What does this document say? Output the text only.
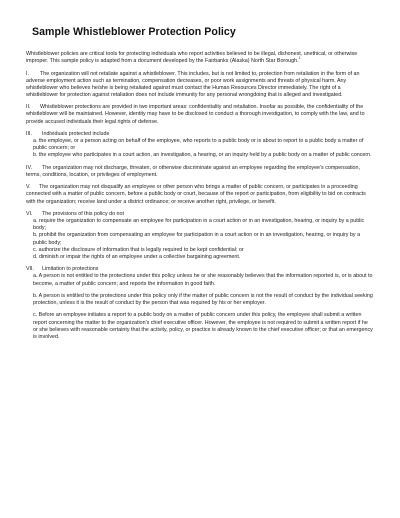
Sample Whistleblower Protection Policy

Whistleblower policies are critical tools for protecting individuals who report activities believed to be illegal, dishonest, unethical, or otherwise improper. This sample policy is adapted from a document developed by the Fairbanks (Alaska) North Star Borough.$^1$

I. The organization will not retaliate against a whistleblower. This includes, but is not limited to, protection from retaliation in the form of an adverse employment action such as termination, compensation decreases, or poor work assignments and threats of physical harm. Any whistleblower who believes he/she is being retaliated against must contact the Human Resources Director immediately. The right of a whistleblower for protection against retaliation does not include immunity for any personal wrongdoing that is alleged and investigated.

II. Whistleblower protections are provided in two important areas: confidentiality and retaliation. Insofar as possible, the confidentiality of the whistleblower will be maintained. However, identity may have to be disclosed to conduct a thorough investigation, to comply with the law, and to provide accused individuals their legal rights of defense.

III. Individuals protected include

a. the employee, or a person acting on behalf of the employee, who reports to a public body or is about to report to a public body a matter of public concern; or

b. the employee who participates in a court action, an investigation, a hearing, or an inquiry held by a public body on a matter of public concern.

IV. The organization may not discharge, threaten, or otherwise discriminate against an employee regarding the employee's compensation, terms, conditions, location, or privileges of employment.

V. The organization may not disqualify an employee or other person who brings a matter of public concern, or participates in a proceeding connected with a matter of public concern, before a public body or court, because of the report or participation, from eligibility to bid on contracts with the organization; receive land under a district ordinance; or receive another right, privilege, or benefit.

VI. The provisions of this policy do not

a. require the organization to compensate an employee for participation in a court action or in an investigation, hearing, or inquiry by a public body;

b. prohibit the organization from compensating an employee for participation in a court action or in an investigation, hearing, or inquiry by a public body;

c. authorize the disclosure of information that is legally required to be kept confidential; or

d. diminish or impair the rights of an employee under a collective bargaining agreement.

VII. Limitation to protections

a. A person is not entitled to the protections under this policy unless he or she reasonably believes that the information reported is, or is about to become, a matter of public concern; and reports the information in good faith.

b. A person is entitled to the protections under this policy only if the matter of public concern is not the result of conduct by the individual seeking protection, unless it is the result of conduct by the person that was required by his or her employer.

c. Before an employee initiates a report to a public body on a matter of public concern under this policy, the employee shall submit a written report concerning the matter to the organization's chief executive officer. However, the employee is not required to submit a written report if he or she believes with reasonable certainty that the activity, policy, or practice is already known to the chief executive officer; or that an emergency is involved.
